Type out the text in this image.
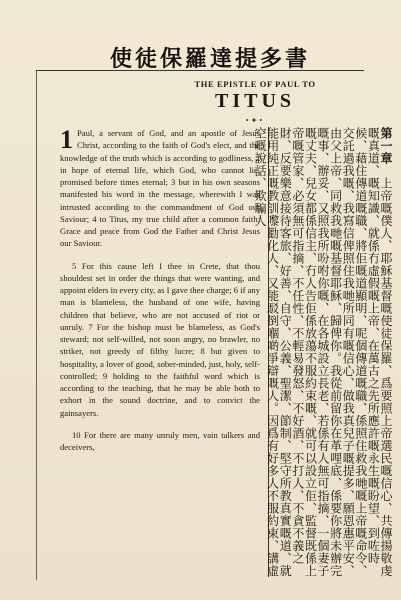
使徒保羅達提多書
THE EPISTLE OF PAUL TO
TITUS
•✦•

1 Paul, a servant of God, and an apostle of Jesus Christ, according to the faith of God's elect, and the knowledge of the truth which is according to godliness, 2 in hope of eternal life, which God, who cannot lie, promised before times eternal; 3 but in his own seasons manifested his word in the message, wherewith I was intrusted according to the commandment of God our Saviour; 4 to Titus, my true child after a common faith: Grace and peace from God the Father and Christ Jesus our Saviour.

5 For this cause left I thee in Crete, that thou shouldest set in order the things that were wanting, and appoint elders in every city, as I gave thee charge; 6 if any man is blameless, the husband of one wife, having children that believe, who are not accused of riot or unruly. 7 For the bishop must be blameless, as God's steward; not self-willed, not soon angry, no brawler, no striker, not greedy of filthy lucre; 8 but given to hospitality, a lover of good, sober-minded, just, holy, self-controlled; 9 holding to the faithful word which is according to the teaching, that he may be able both to exhort in the sound doctrine, and to convict the gainsayers.

10 For there are many unruly men, vain talkers and deceivers,

第一章　上帝嘅僕人、耶穌基督嘅使徒保羅、爲要照上帝選民嘅信心、共傳揚敬虔嘅真道、嘅知識、就係冇虛假嘅上帝、在萬古之先所應許嘅永生嘅盼望、到咗時候、藉住傳道嘅職、將佢嘅道顯明、呢個傳道嘅職、係照住救我哋嘅上帝嘅命令、交託過我嘅、我寫信俾照住我哋所同有嘅信心、做我真兒子嘅提多、願恩惠平安、由父上帝、同救我哋嘅基督耶穌、歸俾你。我從前留你在革哩底、係要你將未辦完嘅事、辦妥、又照我所吩咐你嘅、在各城設立長老、若係有人無可指摘、一個妻子嘅丈夫、兒女都係信主、冇人告佢係放蕩不服約束嘅、就可以設立佢、監督既係上帝嘅管家、必須無可指摘、不任性、不輕易發怒、不好酒、不打人、不貪不義之財、反要樂意接待客旅、好善、自守、公義、聖潔、節制、堅守所教真實嘅道、就能用純正嘅教訓嚟勸化人、又能駁倒嗰啲爭辯嘅人。因爲有好多人不服約束、講虛空嘅說話、欺騙人
